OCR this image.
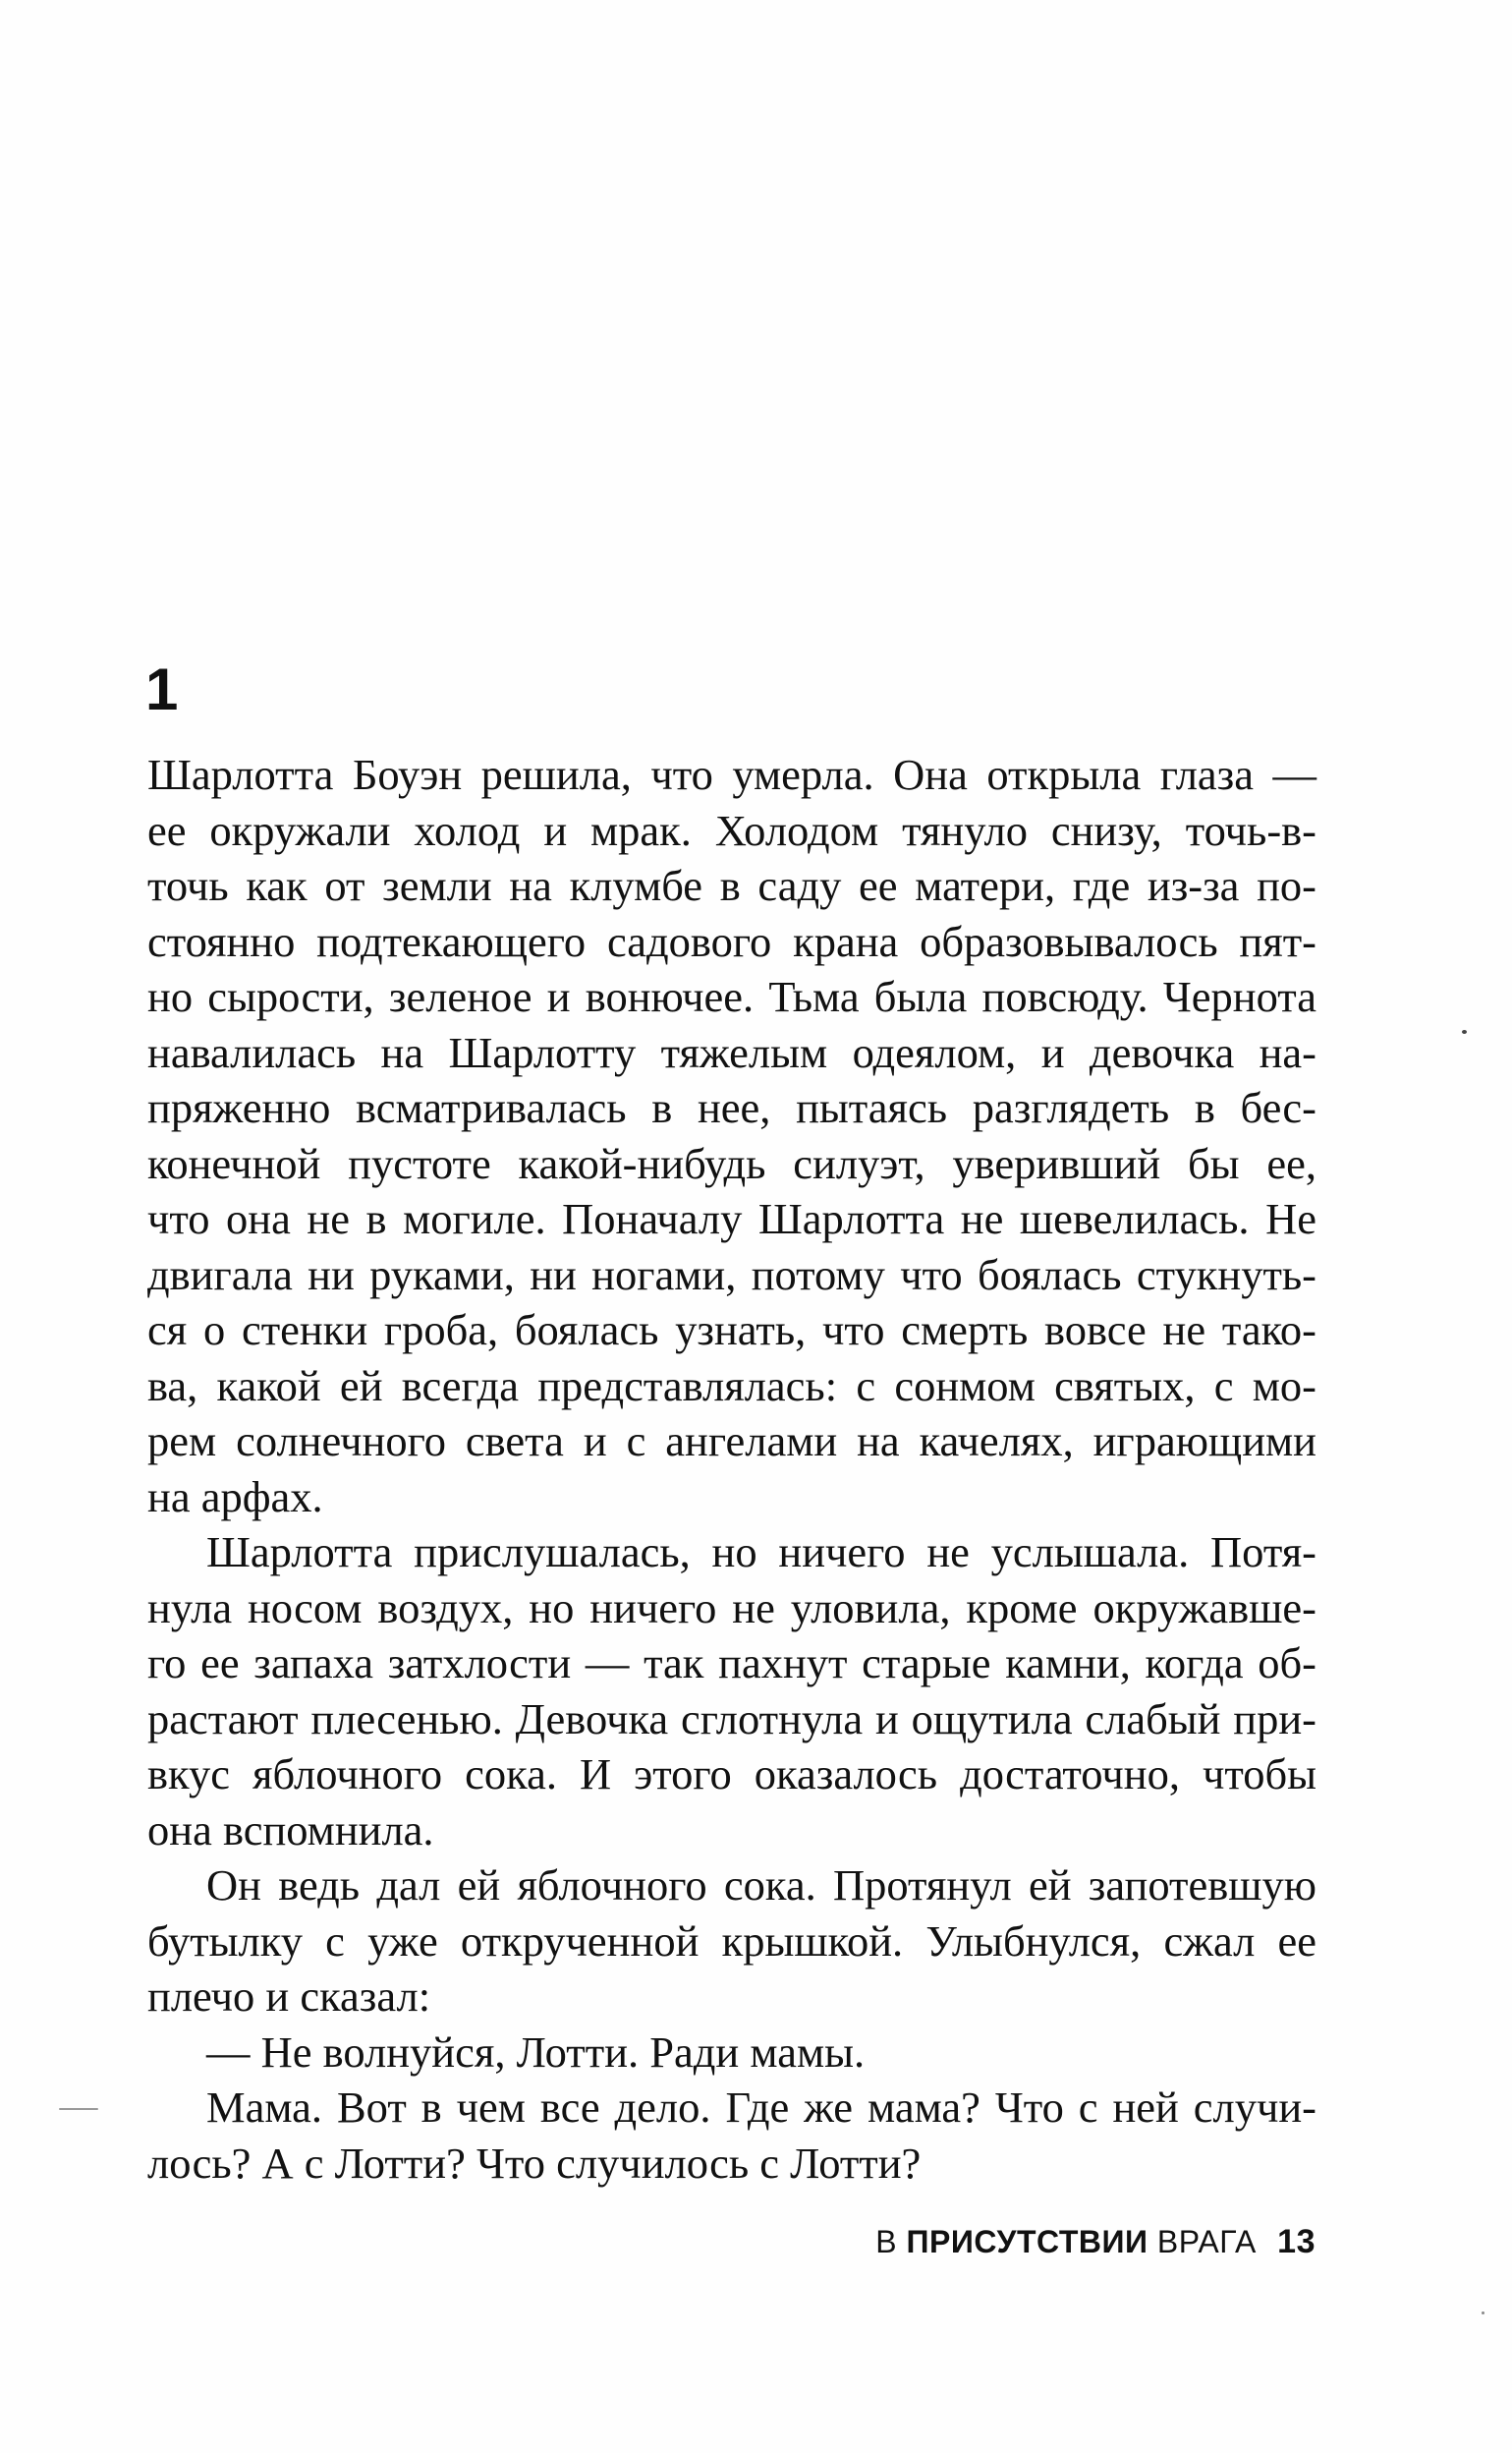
1

Шарлотта Боуэн решила, что умерла. Она открыла глаза —
ее окружали холод и мрак. Холодом тянуло снизу, точь-в-
точь как от земли на клумбе в саду ее матери, где из-за по-
стоянно подтекающего садового крана образовывалось пят-
но сырости, зеленое и вонючее. Тьма была повсюду. Чернота
навалилась на Шарлотту тяжелым одеялом, и девочка на-
пряженно всматривалась в нее, пытаясь разглядеть в бес-
конечной пустоте какой-нибудь силуэт, уверивший бы ее,
что она не в могиле. Поначалу Шарлотта не шевелилась. Не
двигала ни руками, ни ногами, потому что боялась стукнуть-
ся о стенки гроба, боялась узнать, что смерть вовсе не тако-
ва, какой ей всегда представлялась: с сонмом святых, с мо-
рем солнечного света и с ангелами на качелях, играющими
на арфах.

Шарлотта прислушалась, но ничего не услышала. Потя-
нула носом воздух, но ничего не уловила, кроме окружавше-
го ее запаха затхлости — так пахнут старые камни, когда об-
растают плесенью. Девочка сглотнула и ощутила слабый при-
вкус яблочного сока. И этого оказалось достаточно, чтобы
она вспомнила.

Он ведь дал ей яблочного сока. Протянул ей запотевшую
бутылку с уже открученной крышкой. Улыбнулся, сжал ее
плечо и сказал:

— Не волнуйся, Лотти. Ради мамы.

Мама. Вот в чем все дело. Где же мама? Что с ней случи-
лось? А с Лотти? Что случилось с Лотти?

В ПРИСУТСТВИИ ВРАГА 13
